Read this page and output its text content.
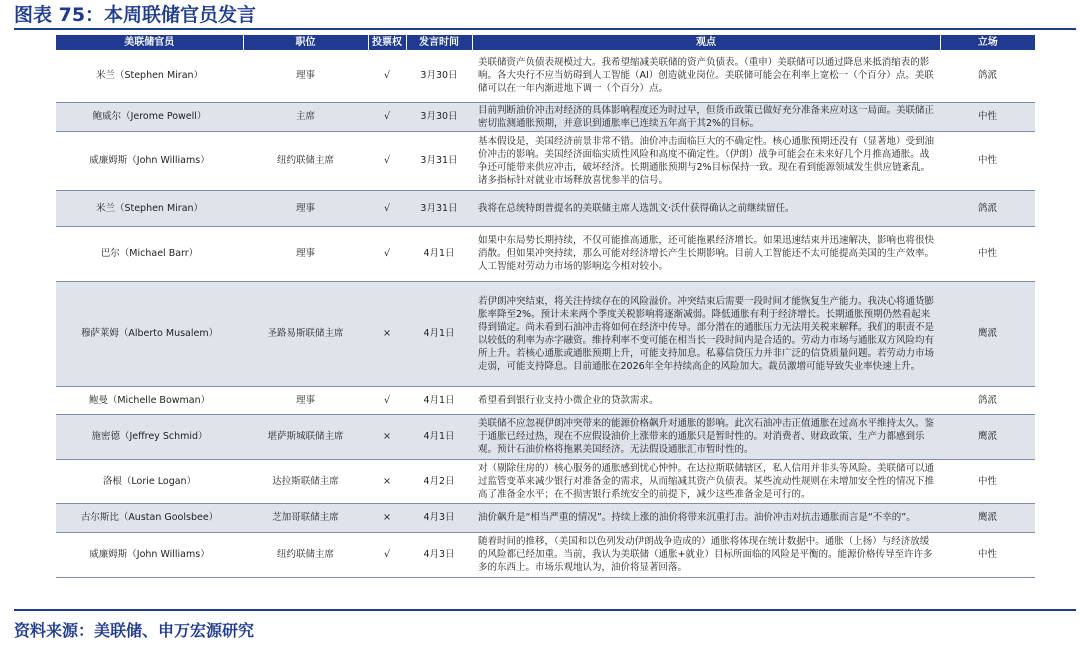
图表 75：本周联储官员发言
美联储官员	职位	投票权	发言时间	观点	立场
米兰（Stephen Miran）	理事	√	3月30日	美联储资产负债表规模过大。我希望缩减美联储的资产负债表。（重申）美联储可以通过降息来抵消缩表的影响。各大央行不应当妨碍到人工智能（AI）创造就业岗位。美联储可能会在利率上宽松一（个百分）点。美联储可以在一年内渐进地下调一（个百分）点。	鸽派
鲍威尔（Jerome Powell）	主席	√	3月30日	目前判断油价冲击对经济的具体影响程度还为时过早，但货币政策已做好充分准备来应对这一局面。美联储正密切监测通胀预期，并意识到通胀率已连续五年高于其2%的目标。	中性
威廉姆斯（John Williams）	纽约联储主席	√	3月31日	基本假设是，美国经济前景非常不错。油价冲击面临巨大的不确定性。核心通胀预期还没有（显著地）受到油价冲击的影响。美国经济面临实质性风险和高度不确定性。（伊朗）战争可能会在未来好几个月推高通胀。战争还可能带来供应冲击，破坏经济。长期通胀预期与2%目标保持一致。现在看到能源领域发生供应链紊乱。诸多指标针对就业市场释放喜忧参半的信号。	中性
米兰（Stephen Miran）	理事	√	3月31日	我将在总统特朗普提名的美联储主席人选凯文·沃什获得确认之前继续留任。	鸽派
巴尔（Michael Barr）	理事	√	4月1日	如果中东局势长期持续，不仅可能推高通胀，还可能拖累经济增长。如果迅速结束并迅速解决，影响也将很快消散。但如果冲突持续，那么可能对经济增长产生长期影响。目前人工智能还不太可能提高美国的生产效率。人工智能对劳动力市场的影响迄今相对较小。	中性
穆萨莱姆（Alberto Musalem）	圣路易斯联储主席	×	4月1日	若伊朗冲突结束，将关注持续存在的风险溢价。冲突结束后需要一段时间才能恢复生产能力。我决心将通货膨胀率降至2%。预计未来两个季度关税影响将逐渐减弱。降低通胀有利于经济增长。长期通胀预期仍然看起来得到锚定。尚未看到石油冲击将如何在经济中传导。部分潜在的通胀压力无法用关税来解释。我们的职责不是以较低的利率为赤字融资。维持利率不变可能在相当长一段时间内是合适的。劳动力市场与通胀双方风险均有所上升。若核心通胀或通胀预期上升，可能支持加息。私募信贷压力并非广泛的信贷质量问题。若劳动力市场走弱，可能支持降息。目前通胀在2026年全年持续高企的风险加大。裁员激增可能导致失业率快速上升。	鹰派
鲍曼（Michelle Bowman）	理事	√	4月1日	希望看到银行业支持小微企业的贷款需求。	鸽派
施密德（Jeffrey Schmid）	堪萨斯城联储主席	×	4月1日	美联储不应忽视伊朗冲突带来的能源价格飙升对通胀的影响。此次石油冲击正值通胀在过高水平维持太久。鉴于通胀已经过热，现在不应假设油价上涨带来的通胀只是暂时性的。对消费者、财政政策、生产力都感到乐观。预计石油价格将拖累美国经济。无法假设通胀汇市暂时性的。	鹰派
洛根（Lorie Logan）	达拉斯联储主席	×	4月2日	对（剔除住房的）核心服务的通胀感到忧心忡忡。在达拉斯联储辖区，私人信用并非头等风险。美联储可以通过监管变革来减少银行对准备金的需求，从而缩减其资产负债表。某些流动性规则在未增加安全性的情况下推高了准备金水平；在不损害银行系统安全的前提下，减少这些准备金是可行的。	中性
古尔斯比（Austan Goolsbee）	芝加哥联储主席	×	4月3日	油价飙升是“相当严重的情况”。持续上涨的油价将带来沉重打击。油价冲击对抗击通胀而言是“不幸的”。	鹰派
威廉姆斯（John Williams）	纽约联储主席	√	4月3日	随着时间的推移，（美国和以色列发动伊朗战争造成的）通胀将体现在统计数据中。通胀（上扬）与经济放缓的风险都已经加重。当前，我认为美联储（通胀+就业）目标所面临的风险是平衡的。能源价格传导至许许多多的东西上。市场乐观地认为，油价将显著回落。	中性
资料来源：美联储、申万宏源研究
